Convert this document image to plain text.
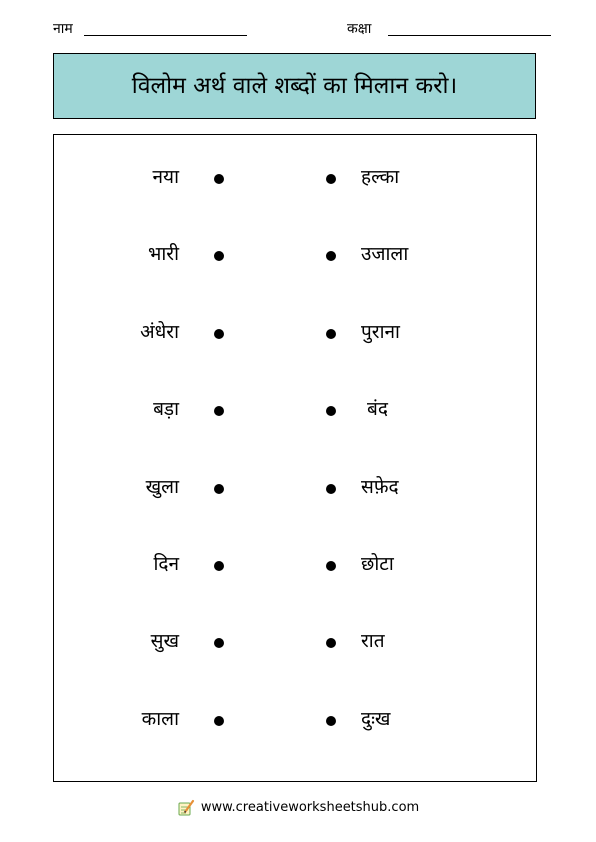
नाम	कक्षा
विलोम अर्थ वाले शब्दों का मिलान करो।
नया	हल्का
भारी	उजाला
अंधेरा	पुराना
बड़ा	बंद
खुला	सफ़ेद
दिन	छोटा
सुख	रात
काला	दुःख
www.creativeworksheetshub.com
